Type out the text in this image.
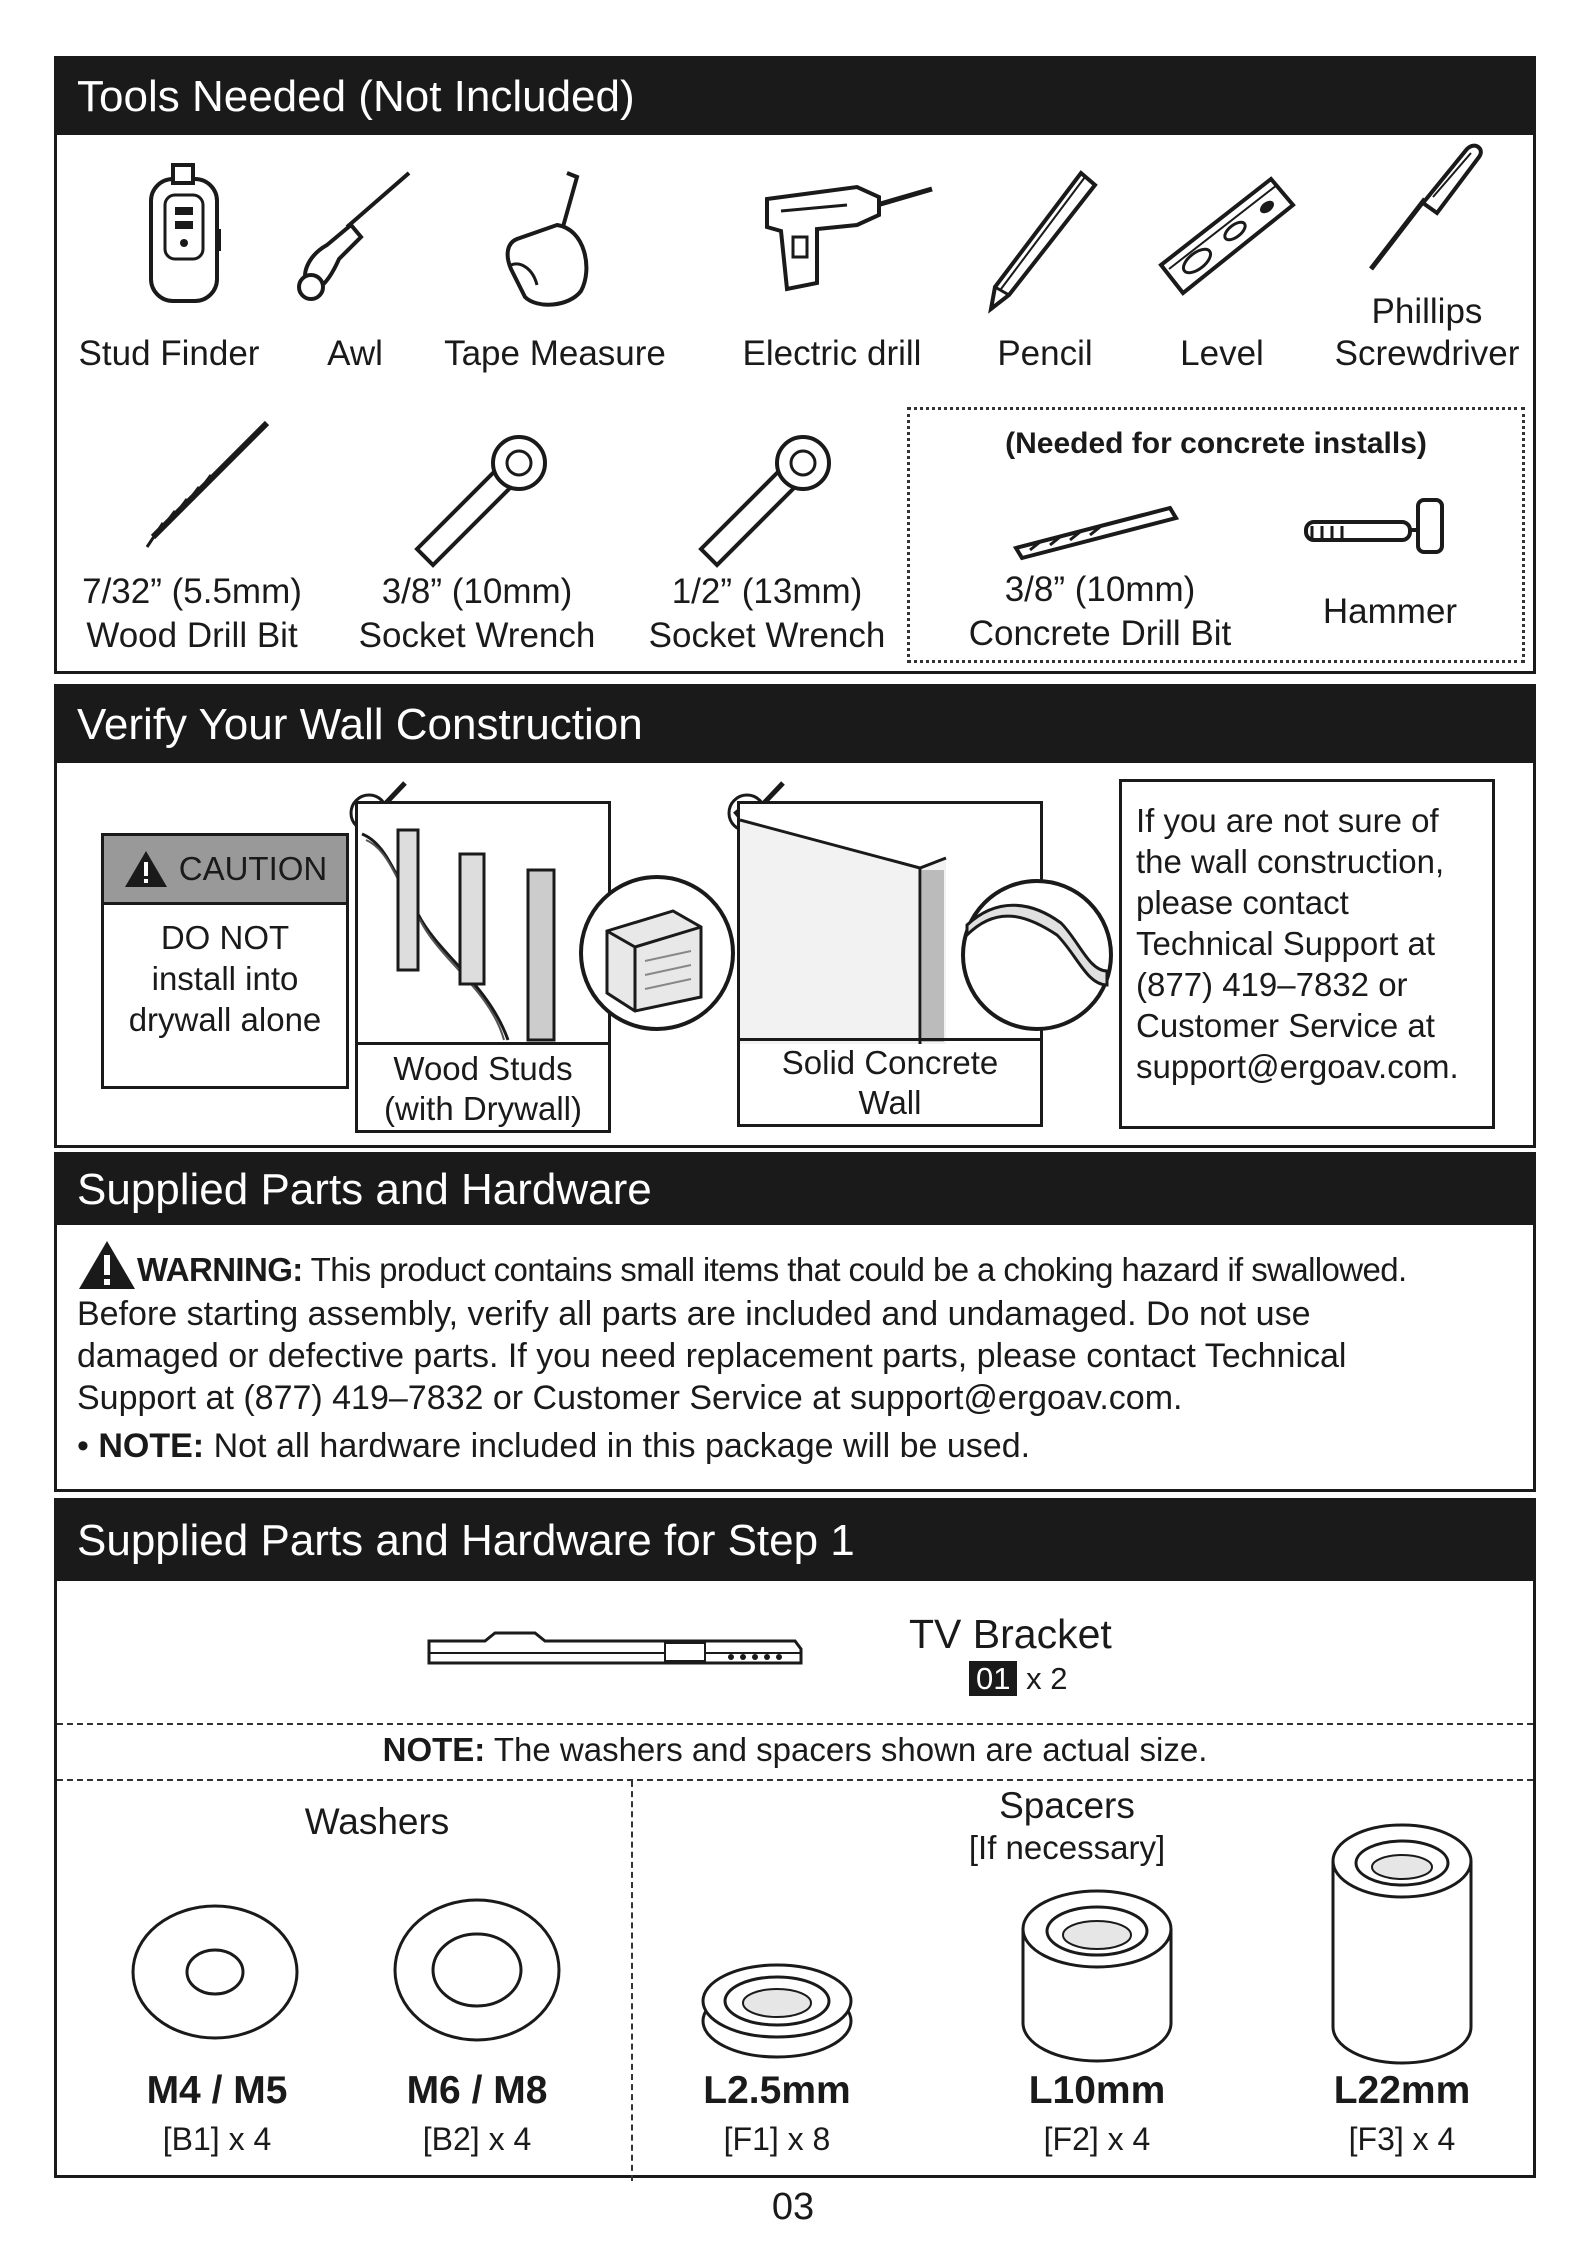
Tools Needed (Not Included)
Stud Finder	Awl	Tape Measure	Electric drill	Pencil	Level
Phillips
Screwdriver
7/32” (5.5mm)
Wood Drill Bit
3/8” (10mm)
Socket Wrench
1/2” (13mm)
Socket Wrench
(Needed for concrete installs)
3/8” (10mm)
Concrete Drill Bit
Hammer
Verify Your Wall Construction
CAUTION
DO NOT
install into
drywall alone
Wood Studs
(with Drywall)
Solid Concrete
Wall
If you are not sure of
the wall construction,
please contact
Technical Support at
(877) 419–7832 or
Customer Service at
support@ergoav.com.
Supplied Parts and Hardware
WARNING: This product contains small items that could be a choking hazard if swallowed.
Before starting assembly, verify all parts are included and undamaged. Do not use
damaged or defective parts. If you need replacement parts, please contact Technical
Support at (877) 419–7832 or Customer Service at support@ergoav.com.
• NOTE: Not all hardware included in this package will be used.
Supplied Parts and Hardware for Step 1
TV Bracket
01 x 2
NOTE: The washers and spacers shown are actual size.
Washers	Spacers
[If necessary]
M4 / M5
[B1] x 4
M6 / M8
[B2] x 4
L2.5mm
[F1] x 8
L10mm
[F2] x 4
L22mm
[F3] x 4
03
